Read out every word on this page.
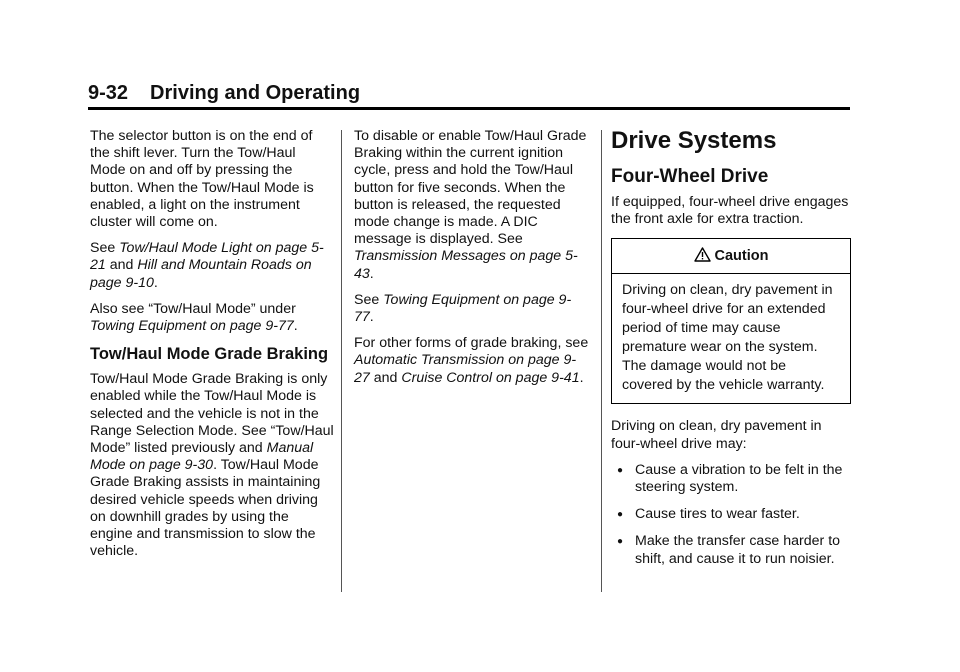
9-32 Driving and Operating

The selector button is on the end of the shift lever. Turn the Tow/Haul Mode on and off by pressing the button. When the Tow/Haul Mode is enabled, a light on the instrument cluster will come on.

See Tow/Haul Mode Light on page 5-21 and Hill and Mountain Roads on page 9-10.

Also see “Tow/Haul Mode” under Towing Equipment on page 9-77.

Tow/Haul Mode Grade Braking

Tow/Haul Mode Grade Braking is only enabled while the Tow/Haul Mode is selected and the vehicle is not in the Range Selection Mode. See “Tow/Haul Mode” listed previously and Manual Mode on page 9-30. Tow/Haul Mode Grade Braking assists in maintaining desired vehicle speeds when driving on downhill grades by using the engine and transmission to slow the vehicle.

To disable or enable Tow/Haul Grade Braking within the current ignition cycle, press and hold the Tow/Haul button for five seconds. When the button is released, the requested mode change is made. A DIC message is displayed. See Transmission Messages on page 5-43.

See Towing Equipment on page 9-77.

For other forms of grade braking, see Automatic Transmission on page 9-27 and Cruise Control on page 9-41.

Drive Systems
Four-Wheel Drive

If equipped, four-wheel drive engages the front axle for extra traction.

Caution
Driving on clean, dry pavement in four-wheel drive for an extended period of time may cause premature wear on the system. The damage would not be covered by the vehicle warranty.

Driving on clean, dry pavement in four-wheel drive may:

● Cause a vibration to be felt in the steering system.
● Cause tires to wear faster.
● Make the transfer case harder to shift, and cause it to run noisier.
